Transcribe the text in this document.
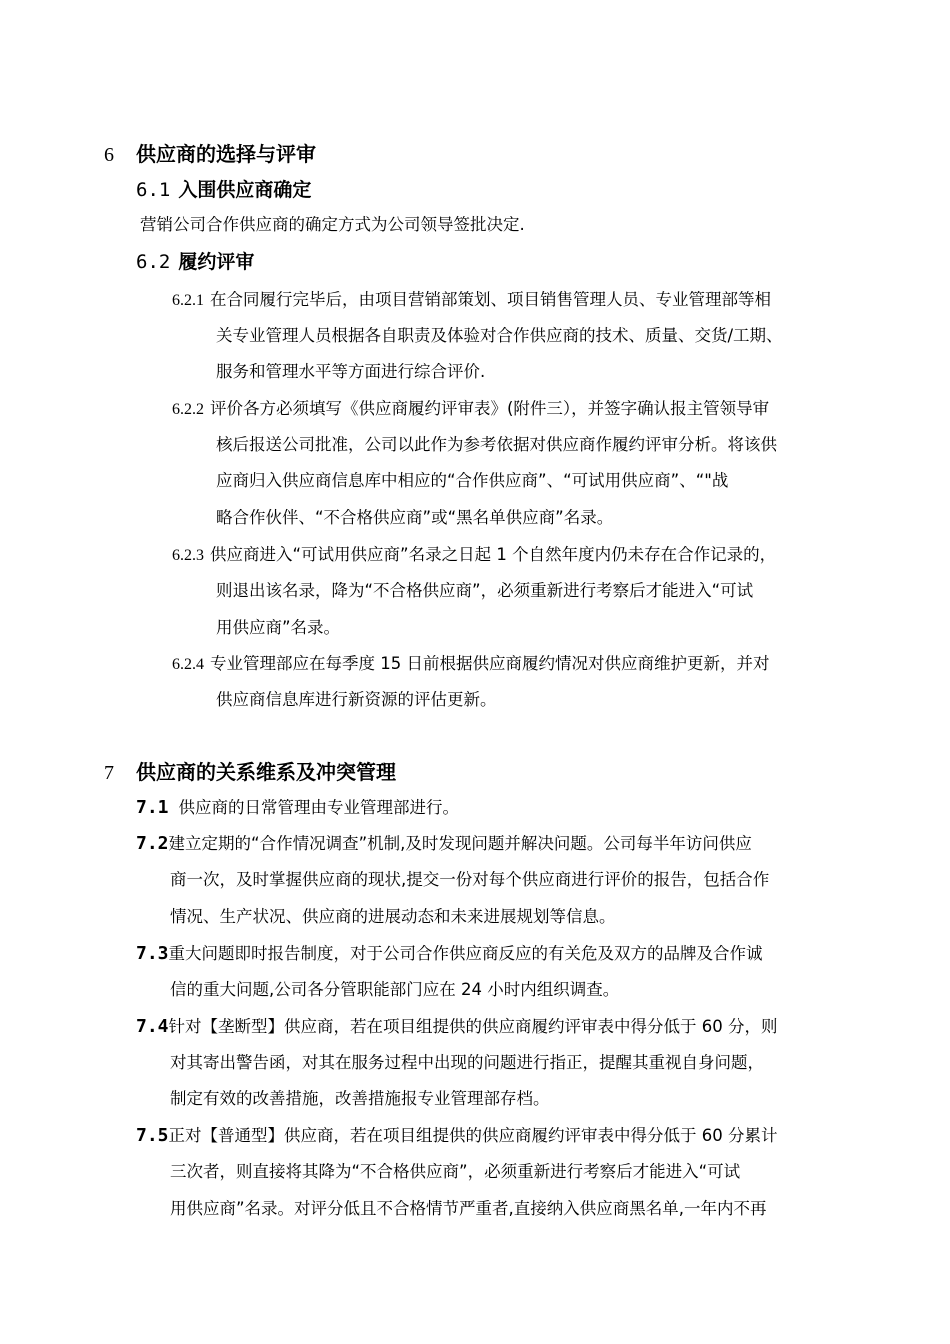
6 供应商的选择与评审
6.1 入围供应商确定
营销公司合作供应商的确定方式为公司领导签批决定.
6.2 履约评审
6.2.1 在合同履行完毕后，由项目营销部策划、项目销售管理人员、专业管理部等相
关专业管理人员根据各自职责及体验对合作供应商的技术、质量、交货/工期、
服务和管理水平等方面进行综合评价.
6.2.2 评价各方必须填写《供应商履约评审表》(附件三），并签字确认报主管领导审
核后报送公司批准，公司以此作为参考依据对供应商作履约评审分析。将该供
应商归入供应商信息库中相应的“合作供应商”、“可试用供应商”、“"战
略合作伙伴、“不合格供应商”或“黑名单供应商”名录。
6.2.3 供应商进入“可试用供应商”名录之日起 1 个自然年度内仍未存在合作记录的，
则退出该名录，降为“不合格供应商”，必须重新进行考察后才能进入“可试
用供应商”名录。
6.2.4 专业管理部应在每季度 15 日前根据供应商履约情况对供应商维护更新，并对
供应商信息库进行新资源的评估更新。
7 供应商的关系维系及冲突管理
7.1 供应商的日常管理由专业管理部进行。
7.2建立定期的“合作情况调查”机制,及时发现问题并解决问题。公司每半年访问供应
商一次，及时掌握供应商的现状,提交一份对每个供应商进行评价的报告，包括合作
情况、生产状况、供应商的进展动态和未来进展规划等信息。
7.3重大问题即时报告制度，对于公司合作供应商反应的有关危及双方的品牌及合作诚
信的重大问题,公司各分管职能部门应在 24 小时内组织调查。
7.4针对【垄断型】供应商，若在项目组提供的供应商履约评审表中得分低于 60 分，则
对其寄出警告函，对其在服务过程中出现的问题进行指正，提醒其重视自身问题，
制定有效的改善措施，改善措施报专业管理部存档。
7.5正对【普通型】供应商，若在项目组提供的供应商履约评审表中得分低于 60 分累计
三次者，则直接将其降为“不合格供应商”，必须重新进行考察后才能进入“可试
用供应商”名录。对评分低且不合格情节严重者,直接纳入供应商黑名单,一年内不再
